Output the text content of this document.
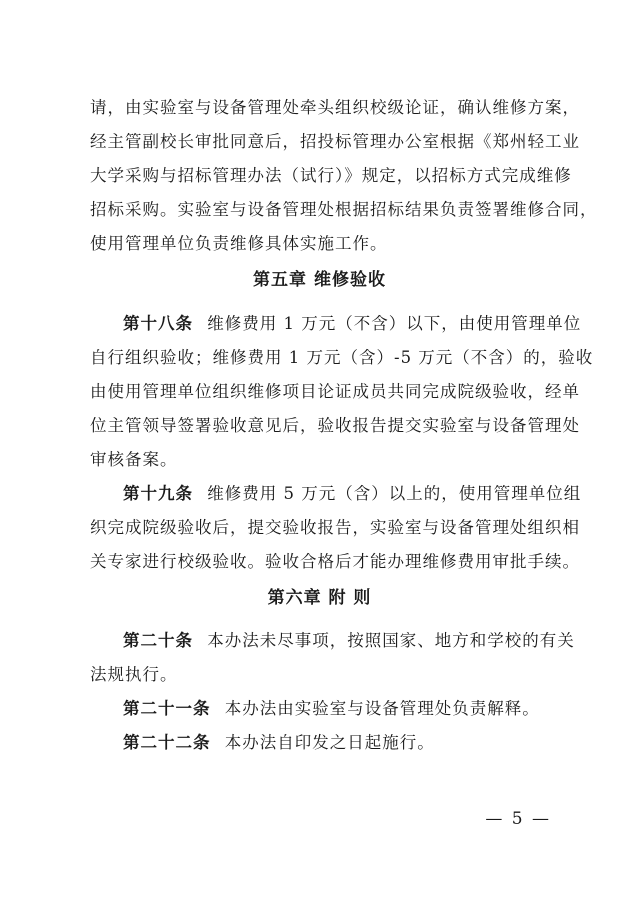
请，由实验室与设备管理处牵头组织校级论证，确认维修方案，
经主管副校长审批同意后，招投标管理办公室根据《郑州轻工业
大学采购与招标管理办法（试行）》规定，以招标方式完成维修
招标采购。实验室与设备管理处根据招标结果负责签署维修合同，
使用管理单位负责维修具体实施工作。
第五章 维修验收
第十八条 维修费用 1 万元（不含）以下，由使用管理单位
自行组织验收；维修费用 1 万元（含）-5 万元（不含）的，验收
由使用管理单位组织维修项目论证成员共同完成院级验收，经单
位主管领导签署验收意见后，验收报告提交实验室与设备管理处
审核备案。
第十九条 维修费用 5 万元（含）以上的，使用管理单位组
织完成院级验收后，提交验收报告，实验室与设备管理处组织相
关专家进行校级验收。验收合格后才能办理维修费用审批手续。
第六章 附 则
第二十条 本办法未尽事项，按照国家、地方和学校的有关
法规执行。
第二十一条 本办法由实验室与设备管理处负责解释。
第二十二条 本办法自印发之日起施行。
— 5 —
